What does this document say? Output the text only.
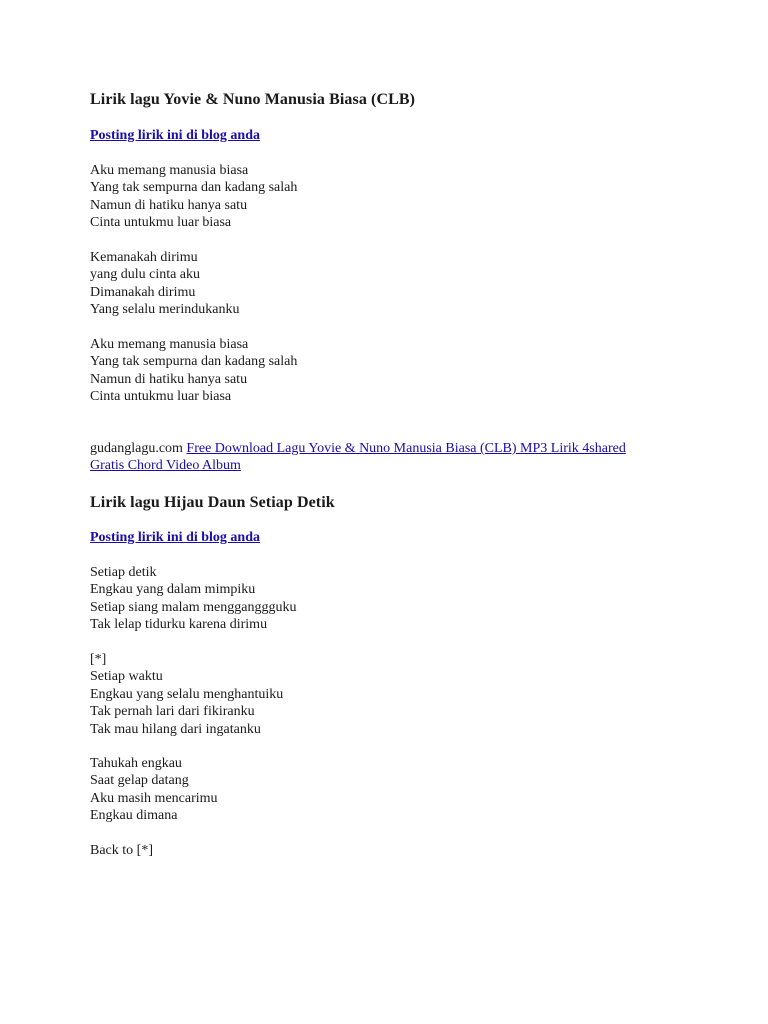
Lirik lagu Yovie & Nuno Manusia Biasa (CLB)
Posting lirik ini di blog anda
Aku memang manusia biasa
Yang tak sempurna dan kadang salah
Namun di hatiku hanya satu
Cinta untukmu luar biasa
Kemanakah dirimu
yang dulu cinta aku
Dimanakah dirimu
Yang selalu merindukanku
Aku memang manusia biasa
Yang tak sempurna dan kadang salah
Namun di hatiku hanya satu
Cinta untukmu luar biasa
gudanglagu.com Free Download Lagu Yovie & Nuno Manusia Biasa (CLB) MP3 Lirik 4shared
Gratis Chord Video Album
Lirik lagu Hijau Daun Setiap Detik
Posting lirik ini di blog anda
Setiap detik
Engkau yang dalam mimpiku
Setiap siang malam mengganggguku
Tak lelap tidurku karena dirimu
[*]
Setiap waktu
Engkau yang selalu menghantuiku
Tak pernah lari dari fikiranku
Tak mau hilang dari ingatanku
Tahukah engkau
Saat gelap datang
Aku masih mencarimu
Engkau dimana
Back to [*]
